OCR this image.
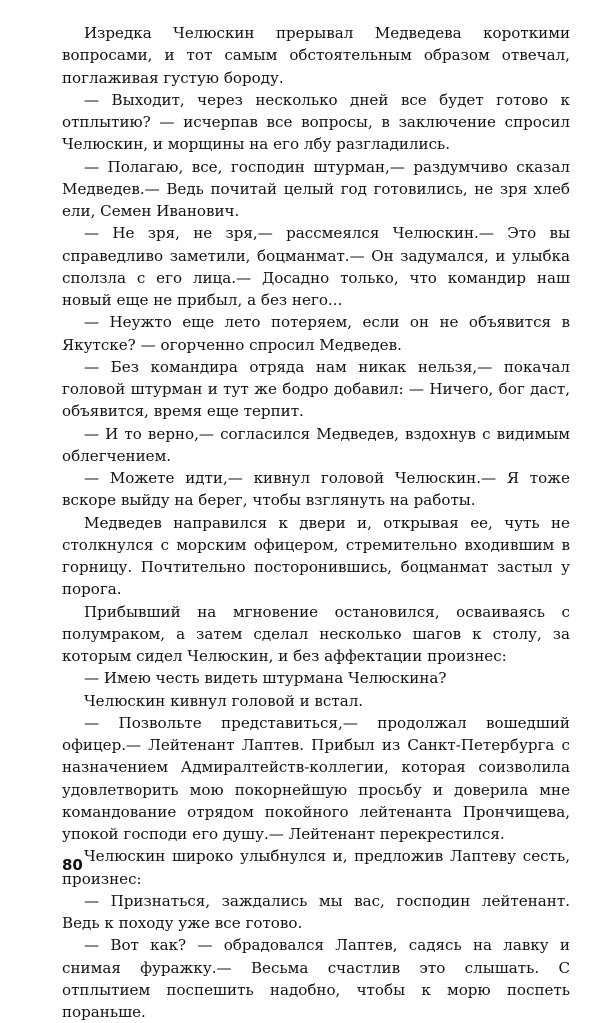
Изредка Челюскин прерывал Медведева короткими вопросами, и тот самым обстоятельным образом отвечал, поглаживая густую бороду.

— Выходит, через несколько дней все будет готово к отплытию? — исчерпав все вопросы, в заключение спросил Челюскин, и морщины на его лбу разгладились.

— Полагаю, все, господин штурман,— раздумчиво сказал Медведев.— Ведь почитай целый год готовились, не зря хлеб ели, Семен Иванович.

— Не зря, не зря,— рассмеялся Челюскин.— Это вы справедливо заметили, боцманмат.— Он задумался, и улыбка сползла с его лица.— Досадно только, что командир наш новый еще не прибыл, а без него...

— Неужто еще лето потеряем, если он не объявится в Якутске? — огорченно спросил Медведев.

— Без командира отряда нам никак нельзя,— покачал головой штурман и тут же бодро добавил: — Ничего, бог даст, объявится, время еще терпит.

— И то верно,— согласился Медведев, вздохнув с видимым облегчением.

— Можете идти,— кивнул головой Челюскин.— Я тоже вскоре выйду на берег, чтобы взглянуть на работы.

Медведев направился к двери и, открывая ее, чуть не столкнулся с морским офицером, стремительно входившим в горницу. Почтительно посторонившись, боцманмат застыл у порога.

Прибывший на мгновение остановился, осваиваясь с полумраком, а затем сделал несколько шагов к столу, за которым сидел Челюскин, и без аффектации произнес:

— Имею честь видеть штурмана Челюскина?

Челюскин кивнул головой и встал.

— Позвольте представиться,— продолжал вошедший офицер.— Лейтенант Лаптев. Прибыл из Санкт-Петербурга с назначением Адмиралтейств-коллегии, которая соизволила удовлетворить мою покорнейшую просьбу и доверила мне командование отрядом покойного лейтенанта Прончищева, упокой господи его душу.— Лейтенант перекрестился.

Челюскин широко улыбнулся и, предложив Лаптеву сесть, произнес:

— Признаться, заждались мы вас, господин лейтенант. Ведь к походу уже все готово.

— Вот как? — обрадовался Лаптев, садясь на лавку и снимая фуражку.— Весьма счастлив это слышать. С отплытием поспешить надобно, чтобы к морю поспеть пораньше.

80
